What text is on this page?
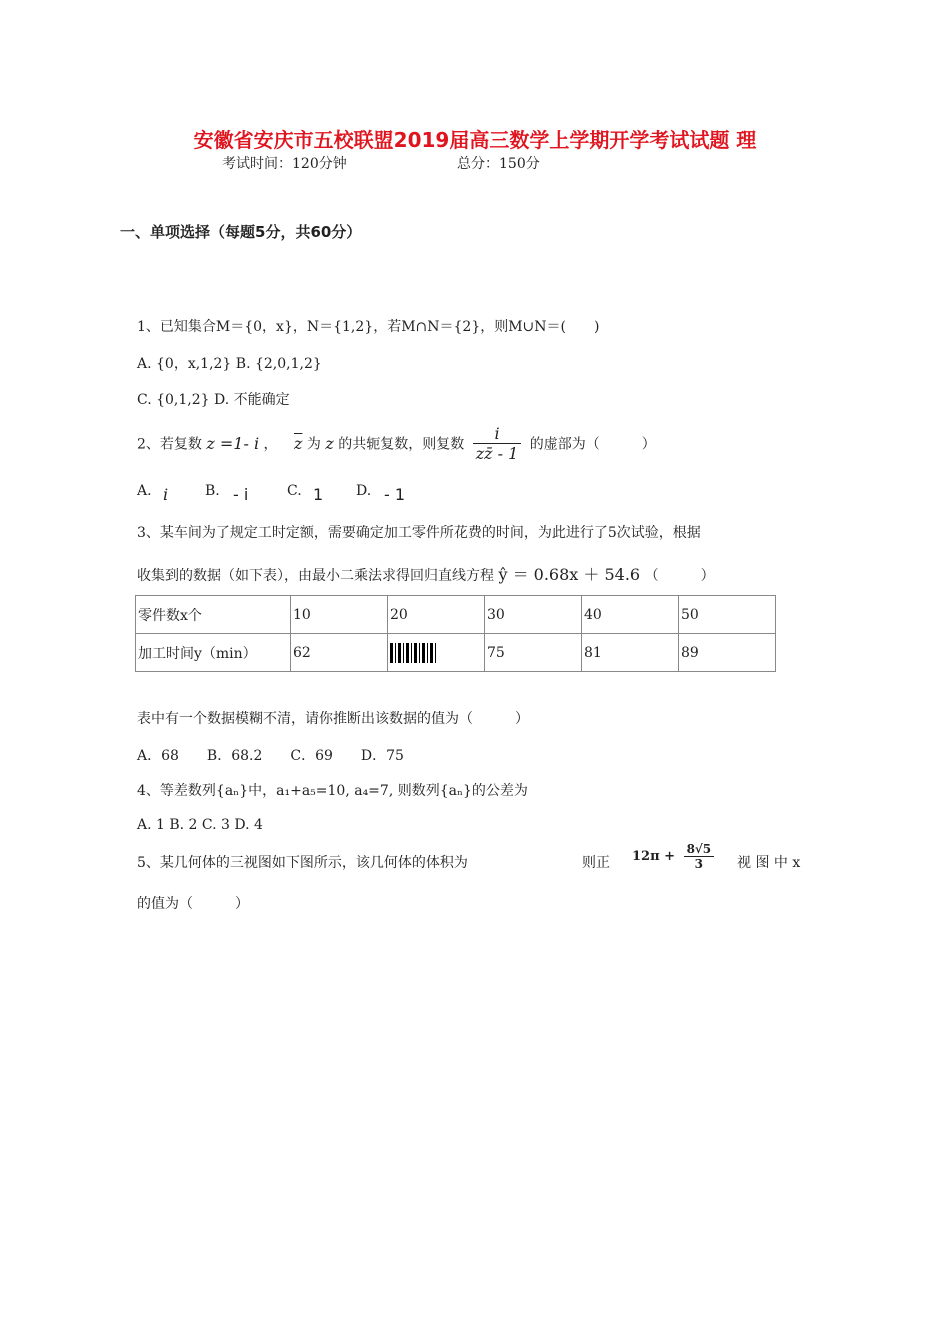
安徽省安庆市五校联盟2019届高三数学上学期开学考试试题 理
考试时间：120分钟	总分：150分
一、单项选择（每题5分，共60分）
1、已知集合M＝{0，x}，N＝{1,2}，若M∩N＝{2}，则M∪N＝(　　)
A. {0，x,1,2} B. {2,0,1,2}
C. {0,1,2} D. 不能确定
2、若复数 z =1- i ， $\overline{z}$ 为 z 的共轭复数，则复数 $\frac{i}{zz̄ - 1}$ 的虚部为（　　　）
A. i	B. - i	C. 1 D. - 1
3、某车间为了规定工时定额，需要确定加工零件所花费的时间，为此进行了5次试验，根据
收集到的数据（如下表），由最小二乘法求得回归直线方程 ŷ ＝ 0.68x ＋ 54.6 （　　　）
零件数x个	10	20	30	40	50
加工时间y（min）	62		75	81	89
表中有一个数据模糊不清，请你推断出该数据的值为（　　　）
A．68　　B．68.2　　C．69　　D．75
4、等差数列{aₙ}中，a₁+a₅=10, a₄=7, 则数列{aₙ}的公差为
A. 1 B. 2 C. 3 D. 4
5、某几何体的三视图如下图所示，该几何体的体积为	则正 $12\pi + \frac{8√5}{3}$ 视 图 中 x
的值为（　　　）
